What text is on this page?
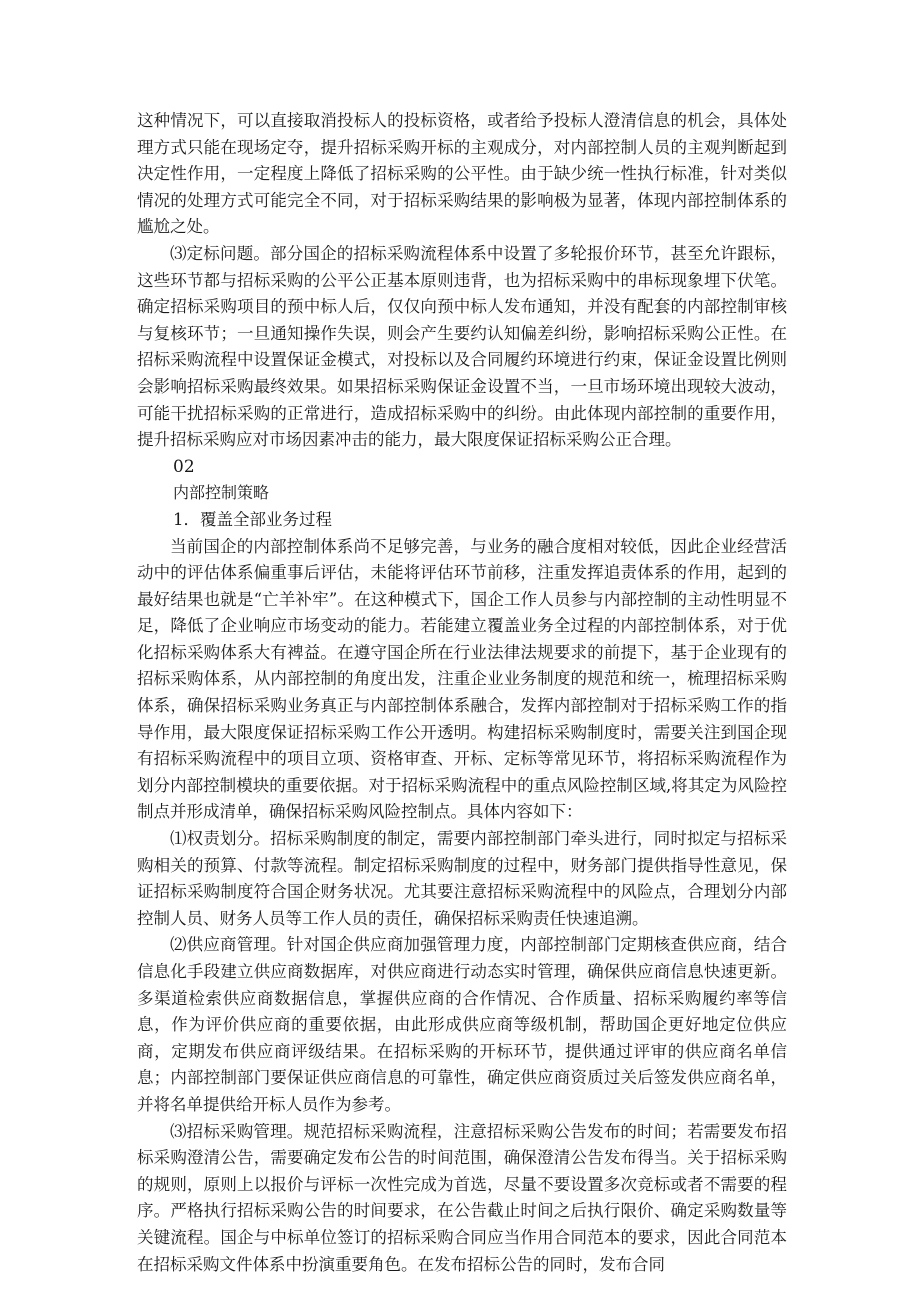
这种情况下，可以直接取消投标人的投标资格，或者给予投标人澄清信息的机会，具体处理方式只能在现场定夺，提升招标采购开标的主观成分，对内部控制人员的主观判断起到决定性作用，一定程度上降低了招标采购的公平性。由于缺少统一性执行标准，针对类似情况的处理方式可能完全不同，对于招标采购结果的影响极为显著，体现内部控制体系的尴尬之处。

⑶定标问题。部分国企的招标采购流程体系中设置了多轮报价环节，甚至允许跟标，这些环节都与招标采购的公平公正基本原则违背，也为招标采购中的串标现象埋下伏笔。确定招标采购项目的预中标人后，仅仅向预中标人发布通知，并没有配套的内部控制审核与复核环节；一旦通知操作失误，则会产生要约认知偏差纠纷，影响招标采购公正性。在招标采购流程中设置保证金模式，对投标以及合同履约环境进行约束，保证金设置比例则会影响招标采购最终效果。如果招标采购保证金设置不当，一旦市场环境出现较大波动，可能干扰招标采购的正常进行，造成招标采购中的纠纷。由此体现内部控制的重要作用，提升招标采购应对市场因素冲击的能力，最大限度保证招标采购公正合理。

02
内部控制策略
1．覆盖全部业务过程

当前国企的内部控制体系尚不足够完善，与业务的融合度相对较低，因此企业经营活动中的评估体系偏重事后评估，未能将评估环节前移，注重发挥追责体系的作用，起到的最好结果也就是“亡羊补牢”。在这种模式下，国企工作人员参与内部控制的主动性明显不足，降低了企业响应市场变动的能力。若能建立覆盖业务全过程的内部控制体系，对于优化招标采购体系大有裨益。在遵守国企所在行业法律法规要求的前提下，基于企业现有的招标采购体系，从内部控制的角度出发，注重企业业务制度的规范和统一，梳理招标采购体系，确保招标采购业务真正与内部控制体系融合，发挥内部控制对于招标采购工作的指导作用，最大限度保证招标采购工作公开透明。构建招标采购制度时，需要关注到国企现有招标采购流程中的项目立项、资格审查、开标、定标等常见环节，将招标采购流程作为划分内部控制模块的重要依据。对于招标采购流程中的重点风险控制区域,将其定为风险控制点并形成清单，确保招标采购风险控制点。具体内容如下：

⑴权责划分。招标采购制度的制定，需要内部控制部门牵头进行，同时拟定与招标采购相关的预算、付款等流程。制定招标采购制度的过程中，财务部门提供指导性意见，保证招标采购制度符合国企财务状况。尤其要注意招标采购流程中的风险点，合理划分内部控制人员、财务人员等工作人员的责任，确保招标采购责任快速追溯。

⑵供应商管理。针对国企供应商加强管理力度，内部控制部门定期核查供应商，结合信息化手段建立供应商数据库，对供应商进行动态实时管理，确保供应商信息快速更新。多渠道检索供应商数据信息，掌握供应商的合作情况、合作质量、招标采购履约率等信息，作为评价供应商的重要依据，由此形成供应商等级机制，帮助国企更好地定位供应商，定期发布供应商评级结果。在招标采购的开标环节，提供通过评审的供应商名单信息；内部控制部门要保证供应商信息的可靠性，确定供应商资质过关后签发供应商名单，并将名单提供给开标人员作为参考。

⑶招标采购管理。规范招标采购流程，注意招标采购公告发布的时间；若需要发布招标采购澄清公告，需要确定发布公告的时间范围，确保澄清公告发布得当。关于招标采购的规则，原则上以报价与评标一次性完成为首选，尽量不要设置多次竞标或者不需要的程序。严格执行招标采购公告的时间要求，在公告截止时间之后执行限价、确定采购数量等关键流程。国企与中标单位签订的招标采购合同应当作用合同范本的要求，因此合同范本在招标采购文件体系中扮演重要角色。在发布招标公告的同时，发布合同
